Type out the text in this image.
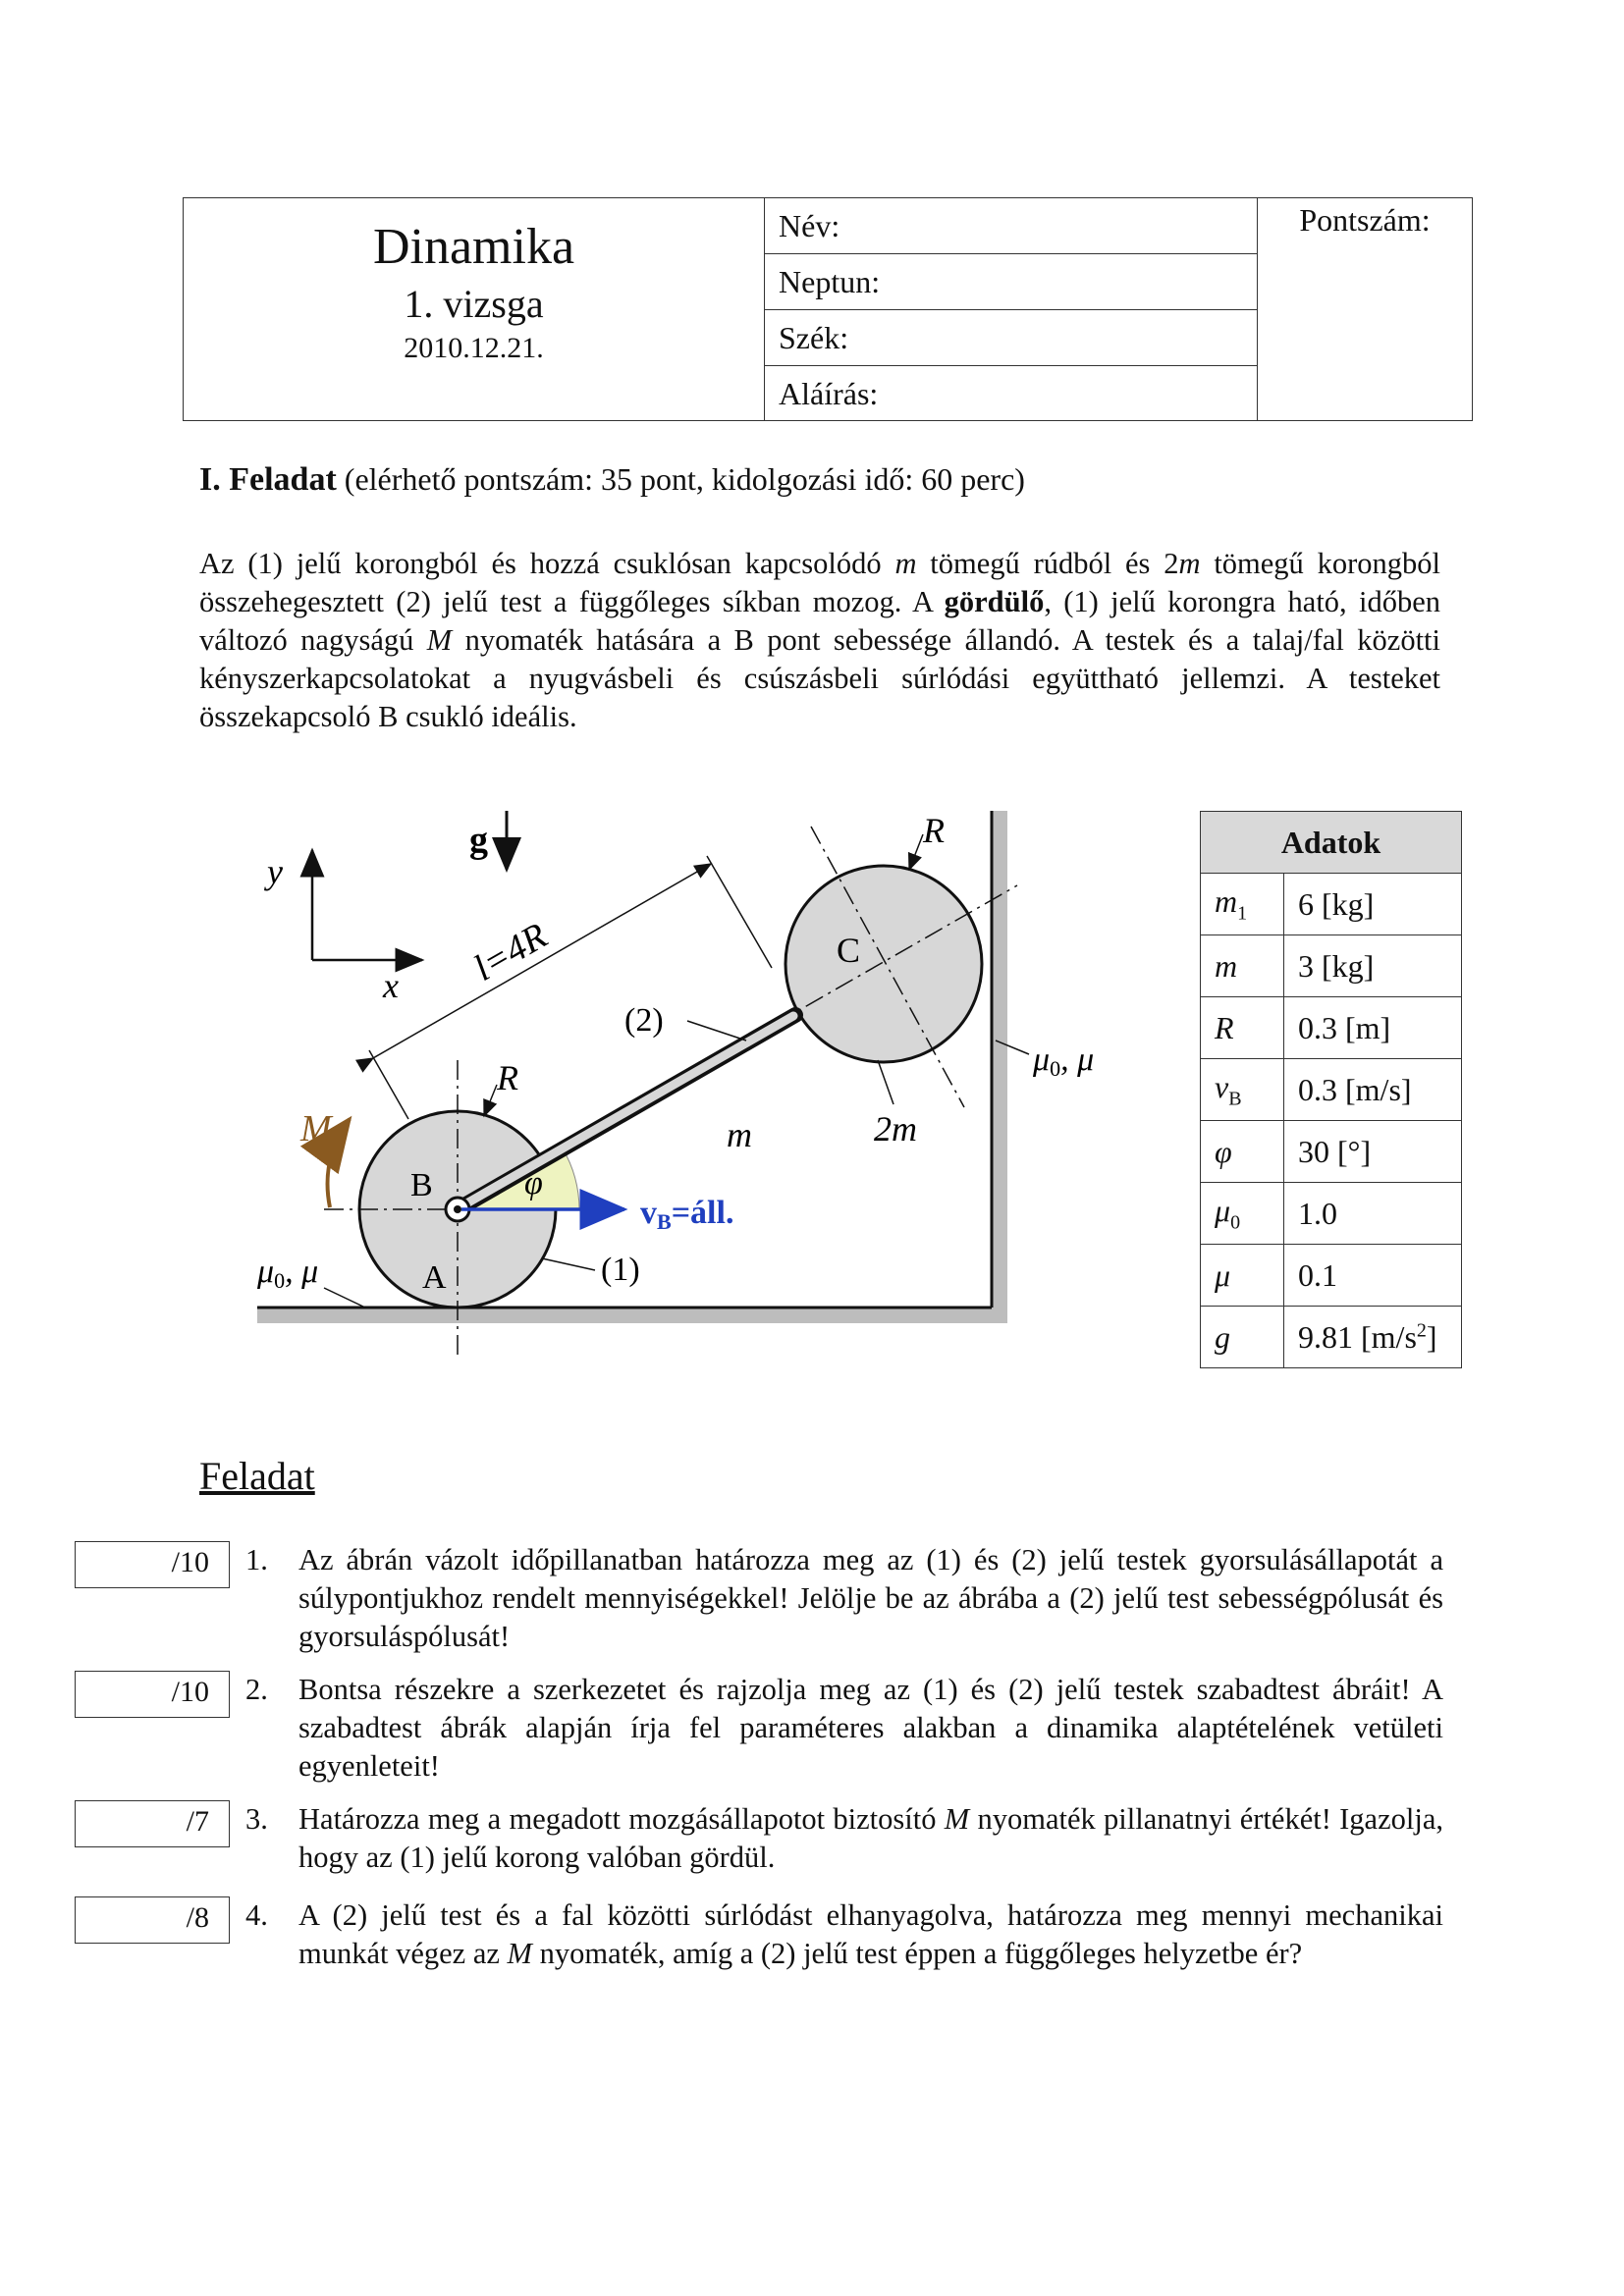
Dinamika
1. vizsga
2010.12.21.
Név:
Neptun:
Szék:
Aláírás:
Pontszám:
I. Feladat (elérhető pontszám: 35 pont, kidolgozási idő: 60 perc)
Az (1) jelű korongból és hozzá csuklósan kapcsolódó m tömegű rúdból és 2m tömegű korongból összehegesztett (2) jelű test a függőleges síkban mozog. A gördülő, (1) jelű korongra ható, időben változó nagyságú M nyomaték hatására a B pont sebessége állandó. A testek és a talaj/fal közötti kényszerkapcsolatokat a nyugvásbeli és csúszásbeli súrlódási együttható jellemzi. A testeket összekapcsoló B csukló ideális.
y
x
g
vB=áll.
M
l=4R
R
R
(2)
m	2m
B
A
C
φ
(1)
μ0, μ
μ0, μ
Adatok	
$m_1$	6 [kg]
m	3 [kg]
R	0.3 [m]
$v_B$	0.3 [m/s]
φ	30 [°]
$\mu_0$	1.0
μ	0.1
g	9.81 $[m/s^2]$
Feladat
/10	1. Az ábrán vázolt időpillanatban határozza meg az (1) és (2) jelű testek gyorsulásállapotát a súlypontjukhoz rendelt mennyiségekkel! Jelölje be az ábrába a (2) jelű test sebességpólusát és gyorsuláspólusát!
/10	2. Bontsa részekre a szerkezetet és rajzolja meg az (1) és (2) jelű testek szabadtest ábráit! A szabadtest ábrák alapján írja fel paraméteres alakban a dinamika alaptételének vetületi egyenleteit!
/7	3. Határozza meg a megadott mozgásállapotot biztosító M nyomaték pillanatnyi értékét! Igazolja, hogy az (1) jelű korong valóban gördül.
/8	4. A (2) jelű test és a fal közötti súrlódást elhanyagolva, határozza meg mennyi mechanikai munkát végez az M nyomaték, amíg a (2) jelű test éppen a függőleges helyzetbe ér?
